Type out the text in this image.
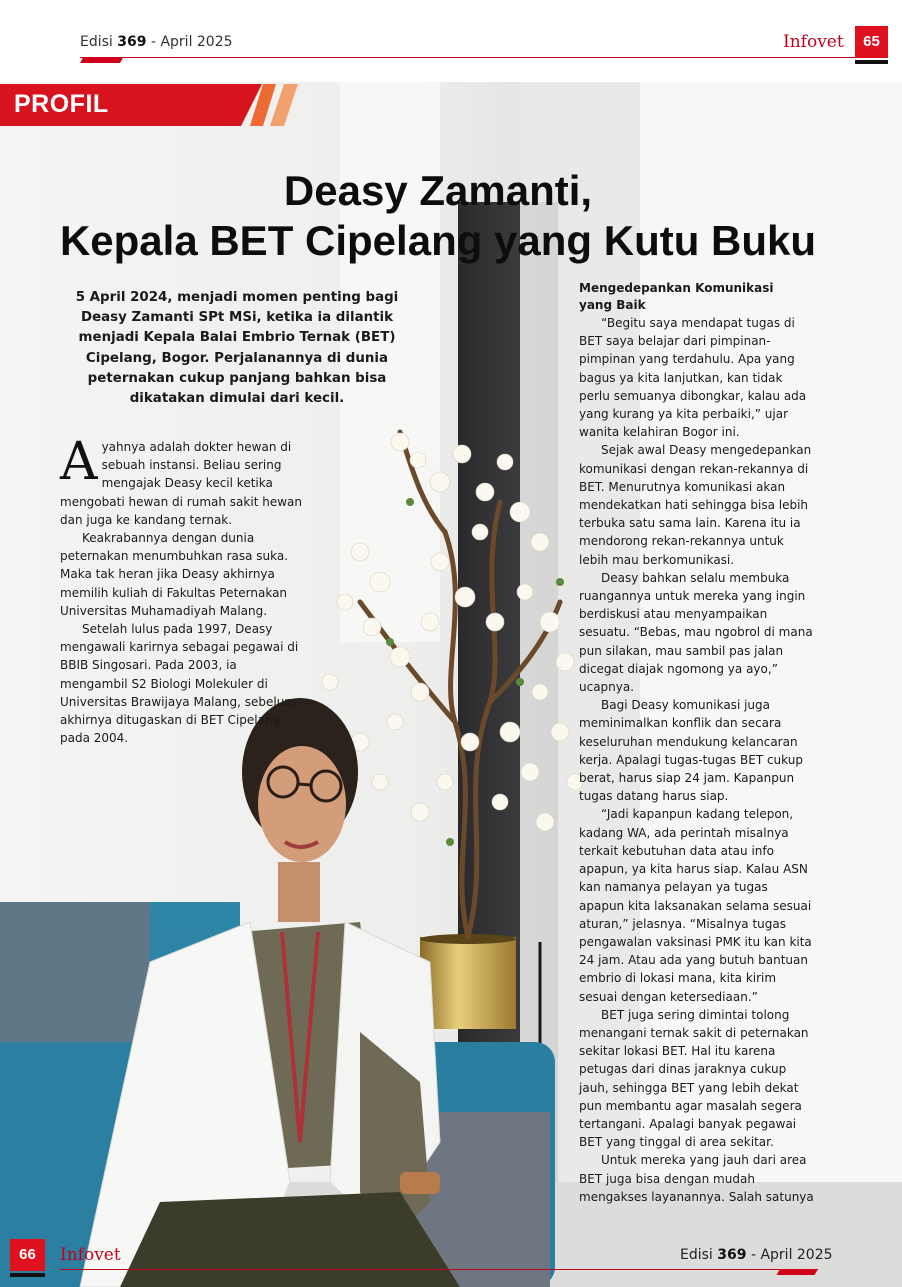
Edisi 369 - April 2025	Infovet	65
PROFIL
Deasy Zamanti,
Kepala BET Cipelang yang Kutu Buku
5 April 2024, menjadi momen penting bagi Deasy Zamanti SPt MSi, ketika ia dilantik menjadi Kepala Balai Embrio Ternak (BET) Cipelang, Bogor. Perjalanannya di dunia peternakan cukup panjang bahkan bisa dikatakan dimulai dari kecil.

Ayahnya adalah dokter hewan di sebuah instansi. Beliau sering mengajak Deasy kecil ketika mengobati hewan di rumah sakit hewan dan juga ke kandang ternak.

Keakrabannya dengan dunia peternakan menumbuhkan rasa suka. Maka tak heran jika Deasy akhirnya memilih kuliah di Fakultas Peternakan Universitas Muhamadiyah Malang.

Setelah lulus pada 1997, Deasy mengawali karirnya sebagai pegawai di BBIB Singosari. Pada 2003, ia mengambil S2 Biologi Molekuler di Universitas Brawijaya Malang, sebelum akhirnya ditugaskan di BET Cipelang pada 2004.

Mengedepankan Komunikasi
yang Baik

“Begitu saya mendapat tugas di BET saya belajar dari pimpinan-pimpinan yang terdahulu. Apa yang bagus ya kita lanjutkan, kan tidak perlu semuanya dibongkar, kalau ada yang kurang ya kita perbaiki,” ujar wanita kelahiran Bogor ini.

Sejak awal Deasy mengedepankan komunikasi dengan rekan-rekannya di BET. Menurutnya komunikasi akan mendekatkan hati sehingga bisa lebih terbuka satu sama lain. Karena itu ia mendorong rekan-rekannya untuk lebih mau berkomunikasi.

Deasy bahkan selalu membuka ruangannya untuk mereka yang ingin berdiskusi atau menyampaikan sesuatu. “Bebas, mau ngobrol di mana pun silakan, mau sambil pas jalan dicegat diajak ngomong ya ayo,” ucapnya.

Bagi Deasy komunikasi juga meminimalkan konflik dan secara keseluruhan mendukung kelancaran kerja. Apalagi tugas-tugas BET cukup berat, harus siap 24 jam. Kapanpun tugas datang harus siap.

“Jadi kapanpun kadang telepon, kadang WA, ada perintah misalnya terkait kebutuhan data atau info apapun, ya kita harus siap. Kalau ASN kan namanya pelayan ya tugas apapun kita laksanakan selama sesuai aturan,” jelasnya. “Misalnya tugas pengawalan vaksinasi PMK itu kan kita 24 jam. Atau ada yang butuh bantuan embrio di lokasi mana, kita kirim sesuai dengan ketersediaan.”

BET juga sering dimintai tolong menangani ternak sakit di peternakan sekitar lokasi BET. Hal itu karena petugas dari dinas jaraknya cukup jauh, sehingga BET yang lebih dekat pun membantu agar masalah segera tertangani. Apalagi banyak pegawai BET yang tinggal di area sekitar.

Untuk mereka yang jauh dari area BET juga bisa dengan mudah mengakses layanannya. Salah satunya

66	Infovet	Edisi 369 - April 2025
